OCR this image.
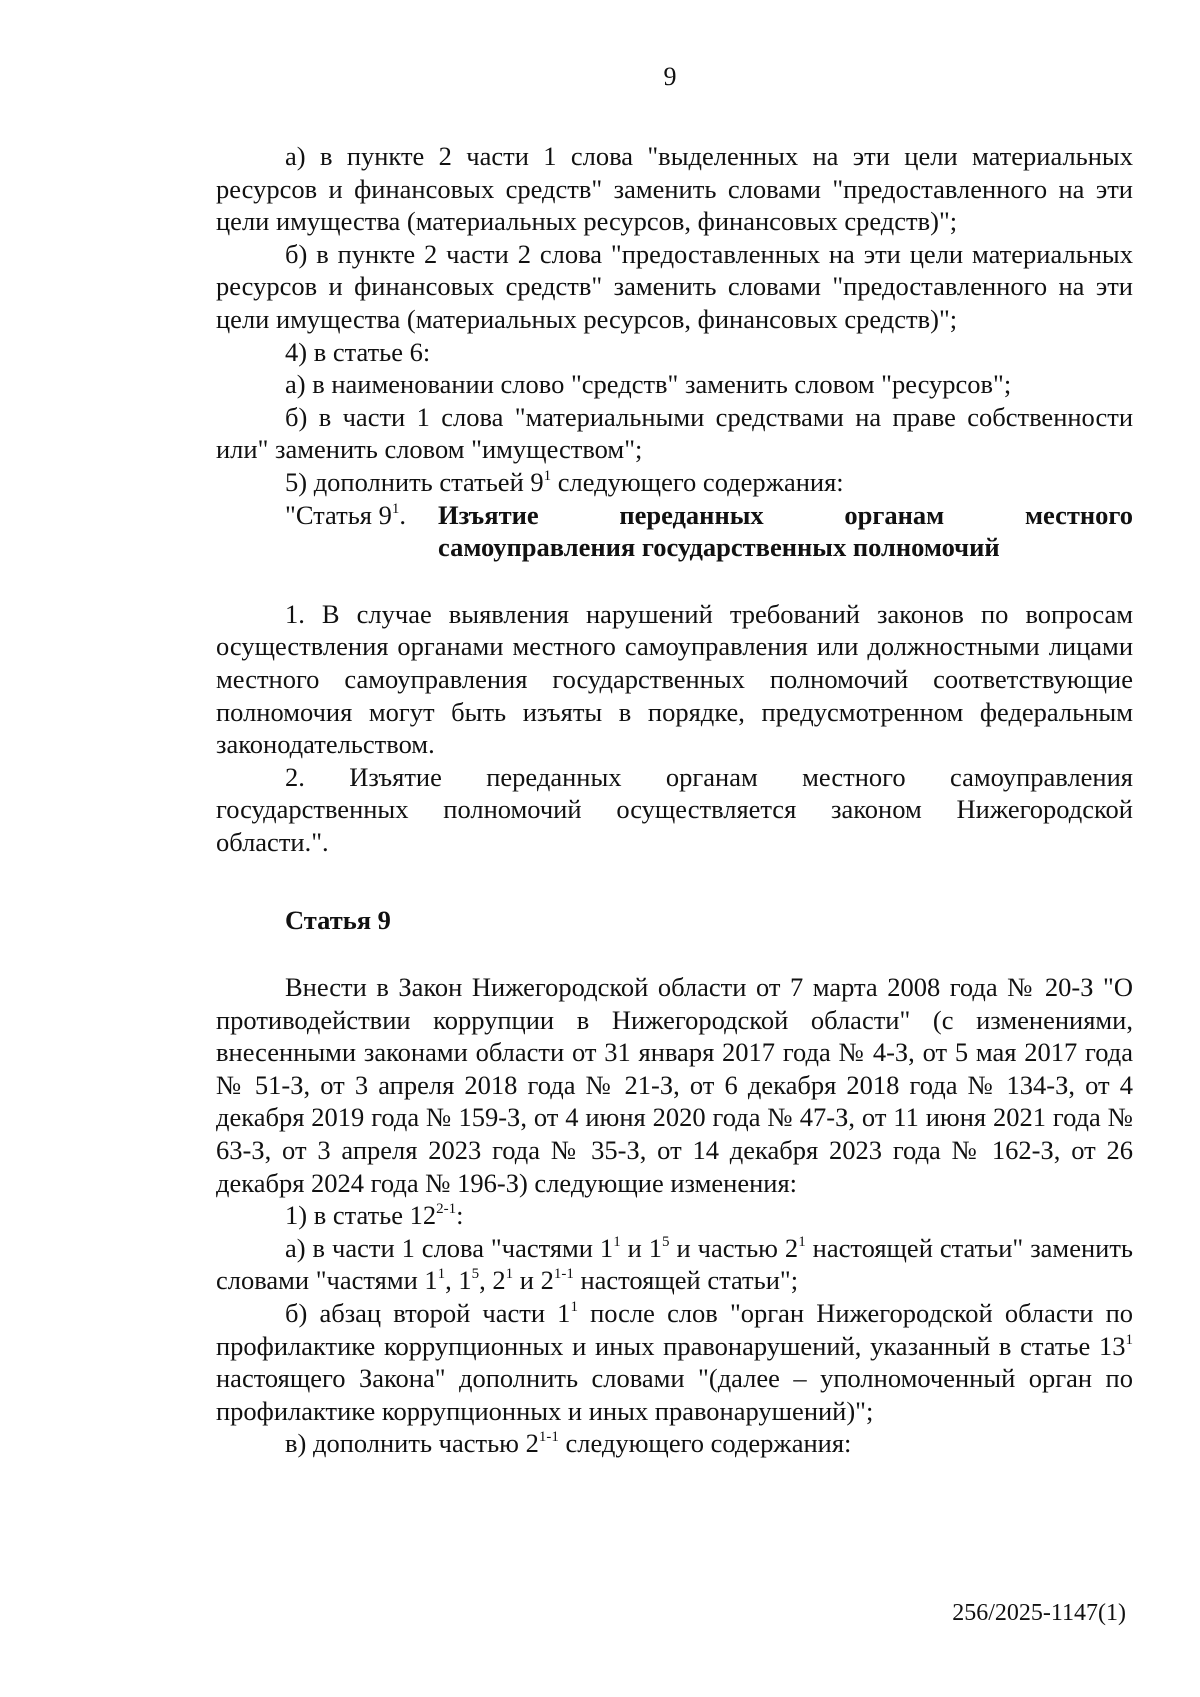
9

а) в пункте 2 части 1 слова "выделенных на эти цели материальных ресурсов и финансовых средств" заменить словами "предоставленного на эти цели имущества (материальных ресурсов, финансовых средств)";

б) в пункте 2 части 2 слова "предоставленных на эти цели материальных ресурсов и финансовых средств" заменить словами "предоставленного на эти цели имущества (материальных ресурсов, финансовых средств)";

4) в статье 6:

а) в наименовании слово "средств" заменить словом "ресурсов";

б) в части 1 слова "материальными средствами на праве собственности или" заменить словом "имуществом";

5) дополнить статьей $9^1$ следующего содержания:

"Статья $9^1$. Изъятие переданных органам местного
самоуправления государственных полномочий

1. В случае выявления нарушений требований законов по вопросам осуществления органами местного самоуправления или должностными лицами местного самоуправления государственных полномочий соответствующие полномочия могут быть изъяты в порядке, предусмотренном федеральным законодательством.

2. Изъятие переданных органам местного самоуправления государственных полномочий осуществляется законом Нижегородской области.".

Статья 9

Внести в Закон Нижегородской области от 7 марта 2008 года № 20-З "О противодействии коррупции в Нижегородской области" (с изменениями, внесенными законами области от 31 января 2017 года № 4-З, от 5 мая 2017 года № 51-З, от 3 апреля 2018 года № 21-З, от 6 декабря 2018 года № 134-З, от 4 декабря 2019 года № 159-З, от 4 июня 2020 года № 47-З, от 11 июня 2021 года № 63-З, от 3 апреля 2023 года № 35-З, от 14 декабря 2023 года № 162-З, от 26 декабря 2024 года № 196-З) следующие изменения:

1) в статье 12$^{2-1}$:

а) в части 1 слова "частями $1^1$ и $1^5$ и частью $2^1$ настоящей статьи" заменить словами "частями $1^1$, $1^5$, $2^1$ и 2$^{1-1}$ настоящей статьи";

б) абзац второй части $1^1$ после слов "орган Нижегородской области по профилактике коррупционных и иных правонарушений, указанный в статье $13^1$ настоящего Закона" дополнить словами "(далее – уполномоченный орган по профилактике коррупционных и иных правонарушений)";

в) дополнить частью 2$^{1-1}$ следующего содержания:

256/2025-1147(1)
